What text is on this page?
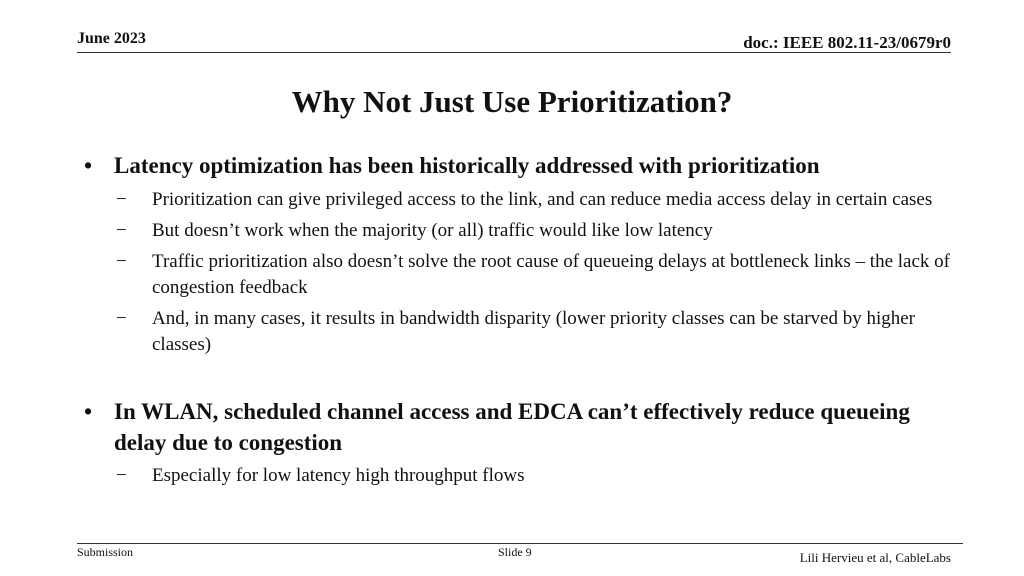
June 2023	doc.: IEEE 802.11-23/0679r0
Why Not Just Use Prioritization?
• Latency optimization has been historically addressed with prioritization
− Prioritization can give privileged access to the link, and can reduce media access delay in certain cases
− But doesn’t work when the majority (or all) traffic would like low latency
− Traffic prioritization also doesn’t solve the root cause of queueing delays at bottleneck links – the lack of congestion feedback
− And, in many cases, it results in bandwidth disparity (lower priority classes can be starved by higher classes)
• In WLAN, scheduled channel access and EDCA can’t effectively reduce queueing delay due to congestion
− Especially for low latency high throughput flows
Submission	Slide 9	Lili Hervieu et al, CableLabs
